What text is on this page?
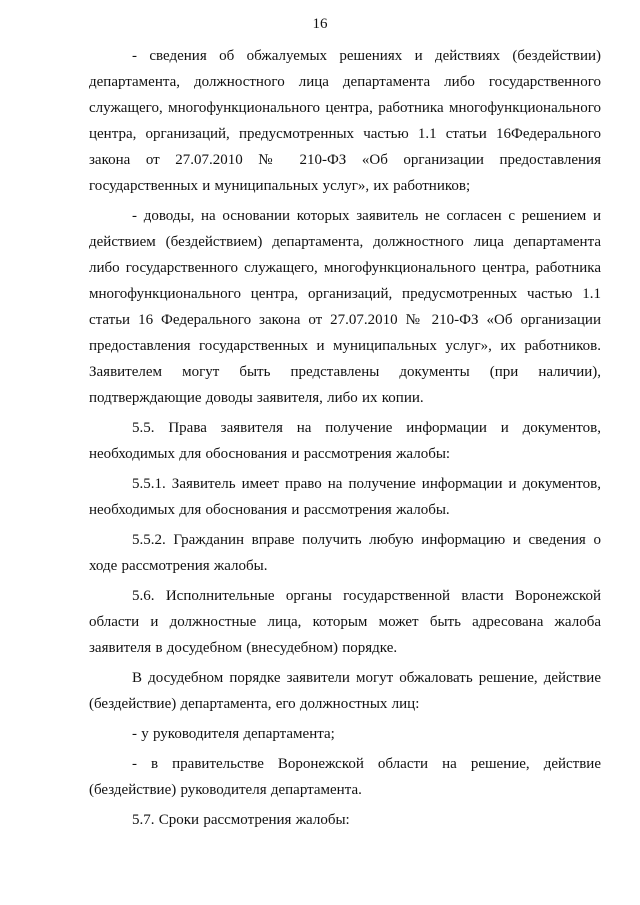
16

- сведения об обжалуемых решениях и действиях (бездействии) департамента, должностного лица департамента либо государственного служащего, многофункционального центра, работника многофункционального центра, организаций, предусмотренных частью 1.1 статьи 16Федерального закона от 27.07.2010 № 210-ФЗ «Об организации предоставления государственных и муниципальных услуг», их работников;

- доводы, на основании которых заявитель не согласен с решением и действием (бездействием) департамента, должностного лица департамента либо государственного служащего, многофункционального центра, работника многофункционального центра, организаций, предусмотренных частью 1.1 статьи 16 Федерального закона от 27.07.2010 № 210-ФЗ «Об организации предоставления государственных и муниципальных услуг», их работников. Заявителем могут быть представлены документы (при наличии), подтверждающие доводы заявителя, либо их копии.

5.5. Права заявителя на получение информации и документов, необходимых для обоснования и рассмотрения жалобы:

5.5.1. Заявитель имеет право на получение информации и документов, необходимых для обоснования и рассмотрения жалобы.

5.5.2. Гражданин вправе получить любую информацию и сведения о ходе рассмотрения жалобы.

5.6. Исполнительные органы государственной власти Воронежской области и должностные лица, которым может быть адресована жалоба заявителя в досудебном (внесудебном) порядке.

В досудебном порядке заявители могут обжаловать решение, действие (бездействие) департамента, его должностных лиц:

- у руководителя департамента;

- в правительстве Воронежской области на решение, действие (бездействие) руководителя департамента.

5.7. Сроки рассмотрения жалобы:
